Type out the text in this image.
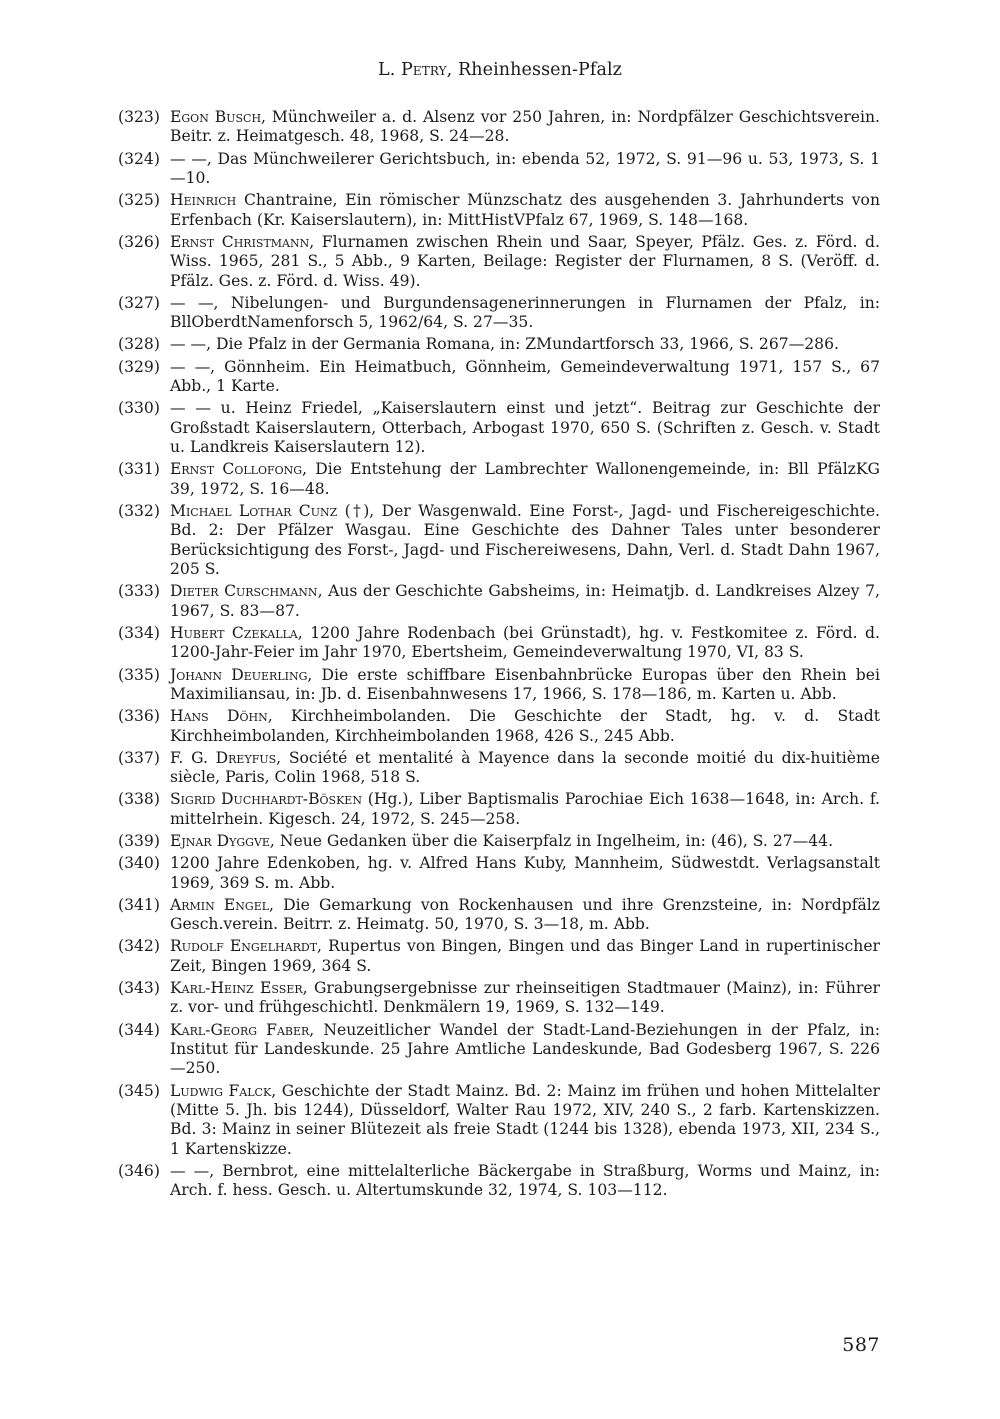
L. Petry, Rheinhessen-Pfalz
(323) Egon Busch, Münchweiler a. d. Alsenz vor 250 Jahren, in: Nordpfälzer Geschichtsverein. Beitr. z. Heimatgesch. 48, 1968, S. 24—28.
(324) — —, Das Münchweilerer Gerichtsbuch, in: ebenda 52, 1972, S. 91—96 u. 53, 1973, S. 1—10.
(325) Heinrich Chantraine, Ein römischer Münzschatz des ausgehenden 3. Jahrhunderts von Erfenbach (Kr. Kaiserslautern), in: MittHistVPfalz 67, 1969, S. 148—168.
(326) Ernst Christmann, Flurnamen zwischen Rhein und Saar, Speyer, Pfälz. Ges. z. Förd. d. Wiss. 1965, 281 S., 5 Abb., 9 Karten, Beilage: Register der Flurnamen, 8 S. (Veröff. d. Pfälz. Ges. z. Förd. d. Wiss. 49).
(327) — —, Nibelungen- und Burgundensagenerinnerungen in Flurnamen der Pfalz, in: BllOberdtNamenforsch 5, 1962/64, S. 27—35.
(328) — —, Die Pfalz in der Germania Romana, in: ZMundartforsch 33, 1966, S. 267—286.
(329) — —, Gönnheim. Ein Heimatbuch, Gönnheim, Gemeindeverwaltung 1971, 157 S., 67 Abb., 1 Karte.
(330) — — u. Heinz Friedel, „Kaiserslautern einst und jetzt“. Beitrag zur Geschichte der Großstadt Kaiserslautern, Otterbach, Arbogast 1970, 650 S. (Schriften z. Gesch. v. Stadt u. Landkreis Kaiserslautern 12).
(331) Ernst Collofong, Die Entstehung der Lambrechter Wallonengemeinde, in: Bll PfälzKG 39, 1972, S. 16—48.
(332) Michael Lothar Cunz (†), Der Wasgenwald. Eine Forst-, Jagd- und Fischereigeschichte. Bd. 2: Der Pfälzer Wasgau. Eine Geschichte des Dahner Tales unter besonderer Berücksichtigung des Forst-, Jagd- und Fischereiwesens, Dahn, Verl. d. Stadt Dahn 1967, 205 S.
(333) Dieter Curschmann, Aus der Geschichte Gabsheims, in: Heimatjb. d. Landkreises Alzey 7, 1967, S. 83—87.
(334) Hubert Czekalla, 1200 Jahre Rodenbach (bei Grünstadt), hg. v. Festkomitee z. Förd. d. 1200-Jahr-Feier im Jahr 1970, Ebertsheim, Gemeindeverwaltung 1970, VI, 83 S.
(335) Johann Deuerling, Die erste schiffbare Eisenbahnbrücke Europas über den Rhein bei Maximiliansau, in: Jb. d. Eisenbahnwesens 17, 1966, S. 178—186, m. Karten u. Abb.
(336) Hans Döhn, Kirchheimbolanden. Die Geschichte der Stadt, hg. v. d. Stadt Kirchheimbolanden, Kirchheimbolanden 1968, 426 S., 245 Abb.
(337) F. G. Dreyfus, Société et mentalité à Mayence dans la seconde moitié du dix-huitième siècle, Paris, Colin 1968, 518 S.
(338) Sigrid Duchhardt-Bösken (Hg.), Liber Baptismalis Parochiae Eich 1638—1648, in: Arch. f. mittelrhein. Kigesch. 24, 1972, S. 245—258.
(339) Ejnar Dyggve, Neue Gedanken über die Kaiserpfalz in Ingelheim, in: (46), S. 27—44.
(340) 1200 Jahre Edenkoben, hg. v. Alfred Hans Kuby, Mannheim, Südwestdt. Verlagsanstalt 1969, 369 S. m. Abb.
(341) Armin Engel, Die Gemarkung von Rockenhausen und ihre Grenzsteine, in: Nordpfälz Gesch.verein. Beitrr. z. Heimatg. 50, 1970, S. 3—18, m. Abb.
(342) Rudolf Engelhardt, Rupertus von Bingen, Bingen und das Binger Land in rupertinischer Zeit, Bingen 1969, 364 S.
(343) Karl-Heinz Esser, Grabungsergebnisse zur rheinseitigen Stadtmauer (Mainz), in: Führer z. vor- und frühgeschichtl. Denkmälern 19, 1969, S. 132—149.
(344) Karl-Georg Faber, Neuzeitlicher Wandel der Stadt-Land-Beziehungen in der Pfalz, in: Institut für Landeskunde. 25 Jahre Amtliche Landeskunde, Bad Godesberg 1967, S. 226—250.
(345) Ludwig Falck, Geschichte der Stadt Mainz. Bd. 2: Mainz im frühen und hohen Mittelalter (Mitte 5. Jh. bis 1244), Düsseldorf, Walter Rau 1972, XIV, 240 S., 2 farb. Kartenskizzen. Bd. 3: Mainz in seiner Blütezeit als freie Stadt (1244 bis 1328), ebenda 1973, XII, 234 S., 1 Kartenskizze.
(346) — —, Bernbrot, eine mittelalterliche Bäckergabe in Straßburg, Worms und Mainz, in: Arch. f. hess. Gesch. u. Altertumskunde 32, 1974, S. 103—112.
587
